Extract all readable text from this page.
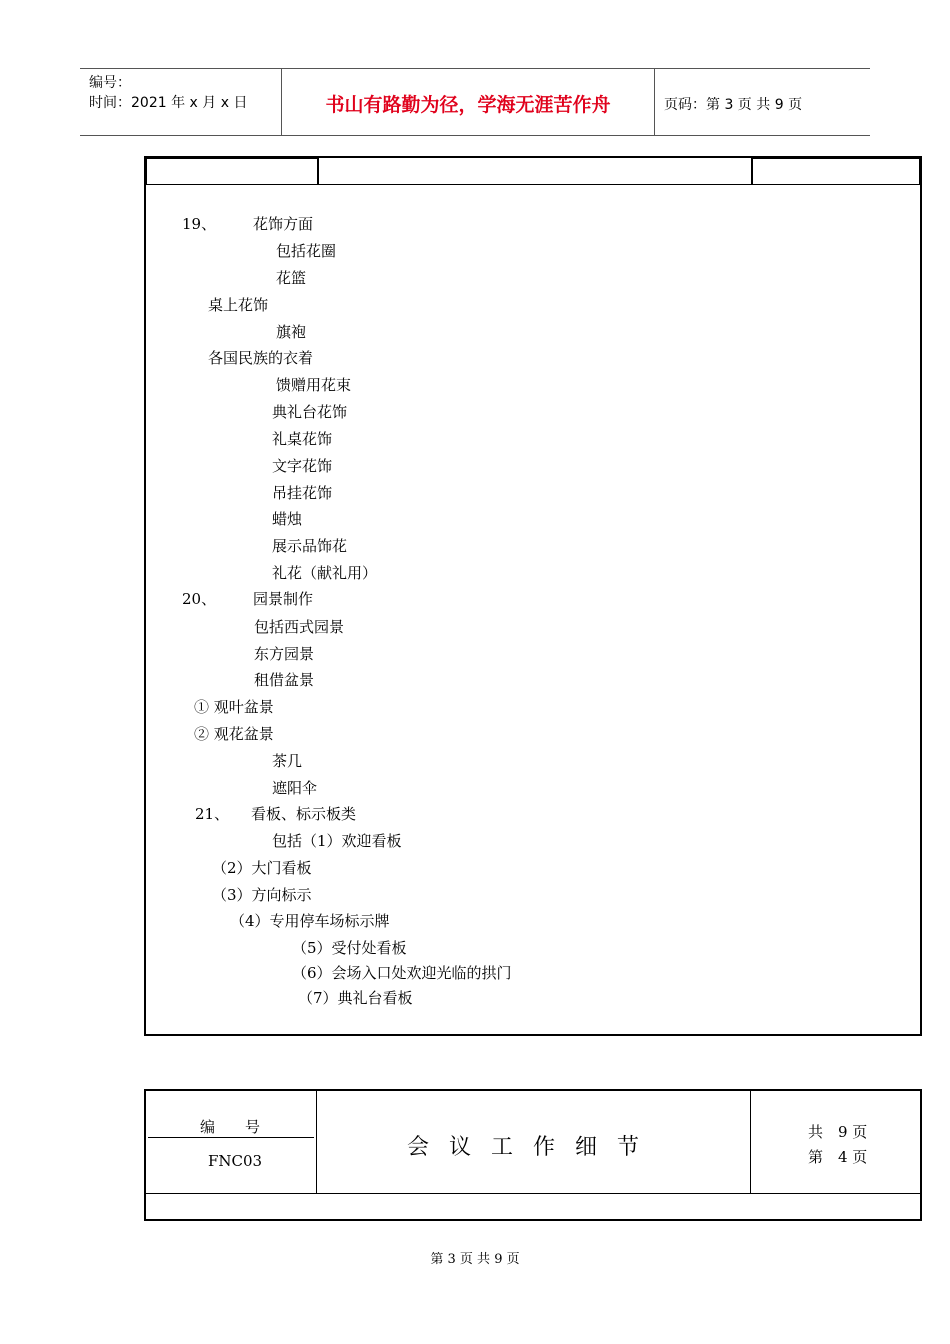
编号：
时间：2021 年 x 月 x 日	书山有路勤为径，学海无涯苦作舟	页码：第 3 页 共 9 页
19、 花饰方面
包括花圈
花篮
桌上花饰
旗袍
各国民族的衣着
馈赠用花束
典礼台花饰
礼桌花饰
文字花饰
吊挂花饰
蜡烛
展示品饰花
礼花（献礼用）
20、 园景制作
包括西式园景
东方园景
租借盆景
① 观叶盆景
② 观花盆景
茶几
遮阳伞
21、 看板、标示板类
包括（1）欢迎看板
（2）大门看板
（3）方向标示
（4）专用停车场标示牌
（5）受付处看板
（6）会场入口处欢迎光临的拱门
（7）典礼台看板
编　　号
FNC03
会议工作细节
共　9 页
第　4 页
第 3 页 共 9 页
